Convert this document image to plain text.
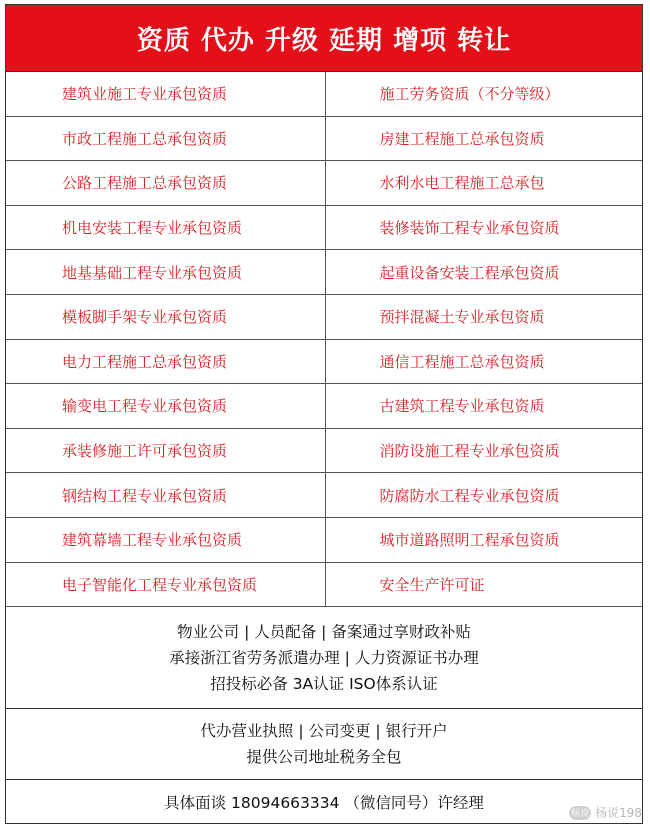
资质 代办 升级 延期 增项 转让
建筑业施工专业承包资质	施工劳务资质（不分等级）
市政工程施工总承包资质	房建工程施工总承包资质
公路工程施工总承包资质	水利水电工程施工总承包
机电安装工程专业承包资质	装修装饰工程专业承包资质
地基基础工程专业承包资质	起重设备安装工程承包资质
模板脚手架专业承包资质	预拌混凝土专业承包资质
电力工程施工总承包资质	通信工程施工总承包资质
输变电工程专业承包资质	古建筑工程专业承包资质
承装修施工许可承包资质	消防设施工程专业承包资质
钢结构工程专业承包资质	防腐防水工程专业承包资质
建筑幕墙工程专业承包资质	城市道路照明工程承包资质
电子智能化工程专业承包资质	安全生产许可证
物业公司 | 人员配备 | 备案通过享财政补贴
承接浙江省劳务派遣办理 | 人力资源证书办理
招投标必备 3A认证 ISO体系认证
代办营业执照 | 公司变更 | 银行开户
提供公司地址税务全包
具体面谈 18094663334 （微信同号）许经理
杨说 杨说198
